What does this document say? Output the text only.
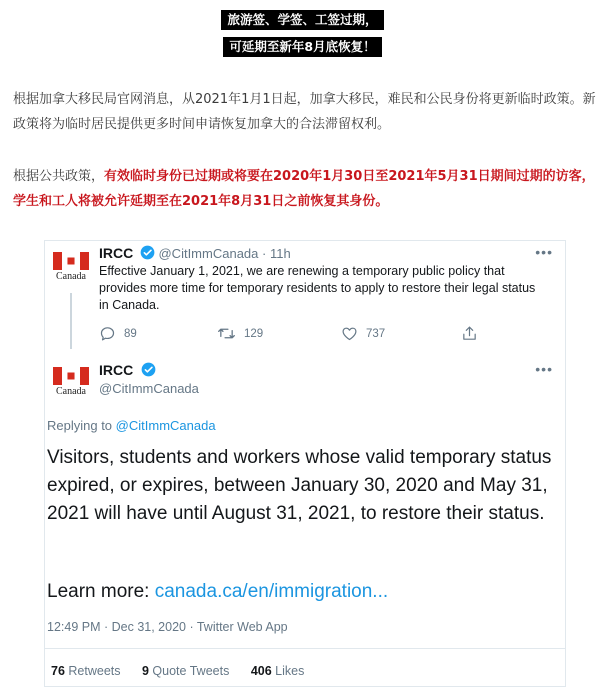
旅游签、学签、工签过期，
可延期至新年8月底恢复！

根据加拿大移民局官网消息，从2021年1月1日起，加拿大移民，难民和公民身份将更新临时政策。新政策将为临时居民提供更多时间申请恢复加拿大的合法滞留权利。

根据公共政策，有效临时身份已过期或将要在2020年1月30日至2021年5月31日期间过期的访客，学生和工人将被允许延期至在2021年8月31日之前恢复其身份。

Canada
IRCC @CitImmCanada · 11h	•••
Effective January 1, 2021, we are renewing a temporary public policy that provides more time for temporary residents to apply to restore their legal status in Canada.
89	129	737
Canada
IRCC
@CitImmCanada
•••
Replying to @CitImmCanada
Visitors, students and workers whose valid temporary status expired, or expires, between January 30, 2020 and May 31, 2021 will have until August 31, 2021, to restore their status.
Learn more: canada.ca/en/immigration...
12:49 PM · Dec 31, 2020 · Twitter Web App
76 Retweets 9 Quote Tweets 406 Likes
